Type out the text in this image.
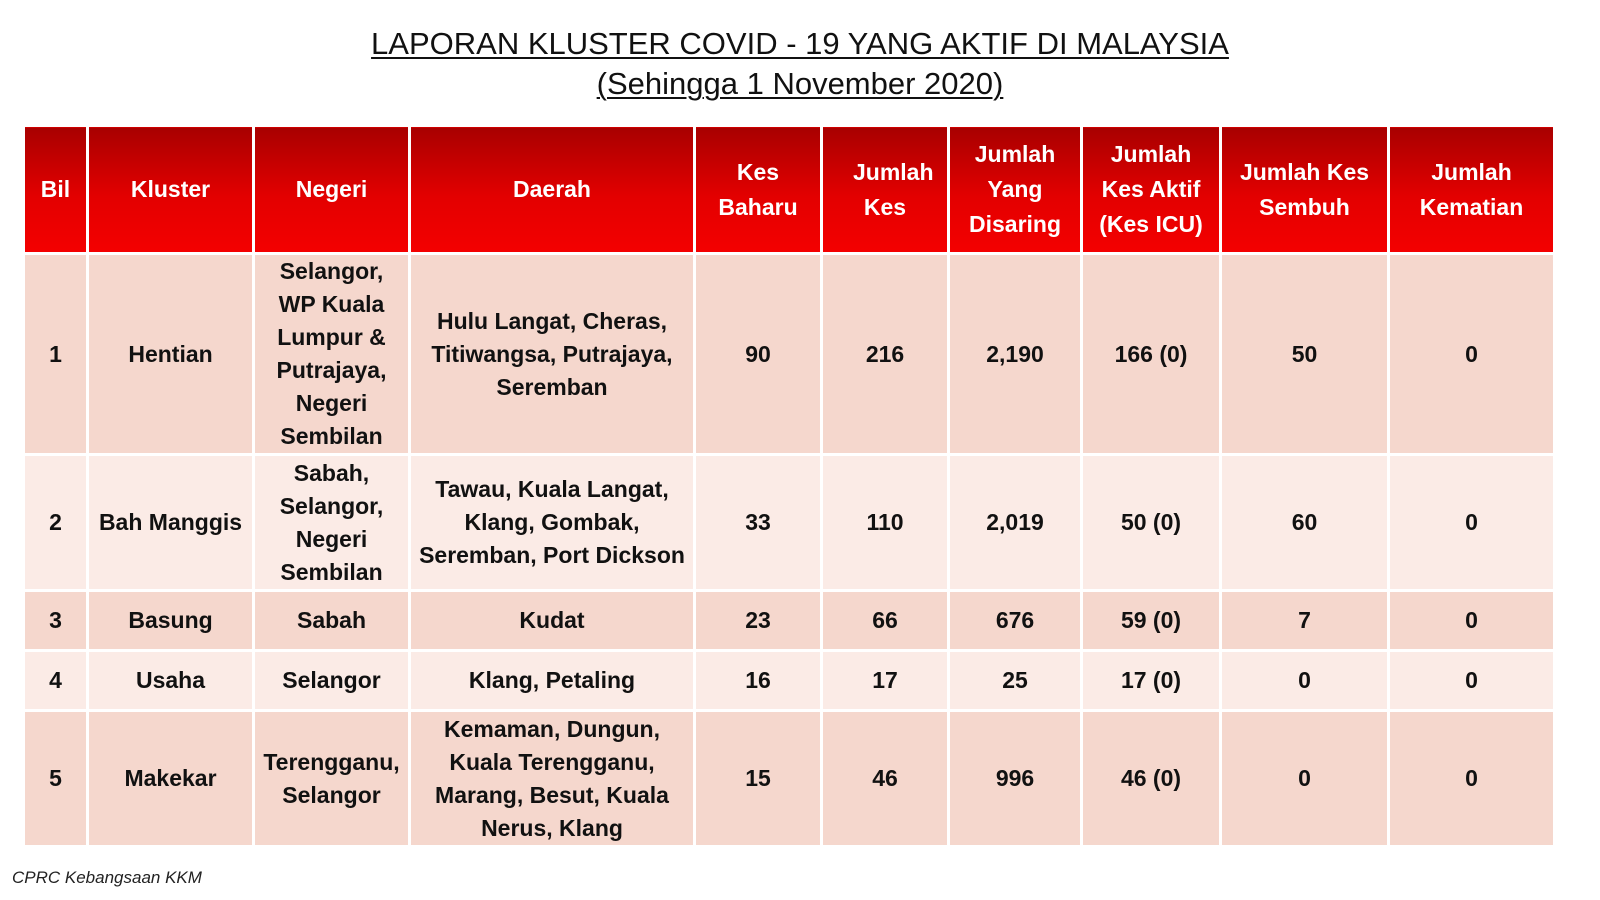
LAPORAN KLUSTER COVID - 19 YANG AKTIF DI MALAYSIA
(Sehingga 1 November 2020)
Bil	Kluster	Negeri	Daerah	Kes Baharu	Jumlah Kes	Jumlah Yang Disaring	Jumlah Kes Aktif (Kes ICU)	Jumlah Kes Sembuh	Jumlah Kematian
1	Hentian	Selangor, WP Kuala Lumpur & Putrajaya, Negeri Sembilan	Hulu Langat, Cheras, Titiwangsa, Putrajaya, Seremban	90	216	2,190	166 (0)	50	0
2	Bah Manggis	Sabah, Selangor, Negeri Sembilan	Tawau, Kuala Langat, Klang, Gombak, Seremban, Port Dickson	33	110	2,019	50 (0)	60	0
3	Basung	Sabah	Kudat	23	66	676	59 (0)	7	0
4	Usaha	Selangor	Klang, Petaling	16	17	25	17 (0)	0	0
5	Makekar	Terengganu, Selangor	Kemaman, Dungun, Kuala Terengganu, Marang, Besut, Kuala Nerus, Klang	15	46	996	46 (0)	0	0
CPRC Kebangsaan KKM
